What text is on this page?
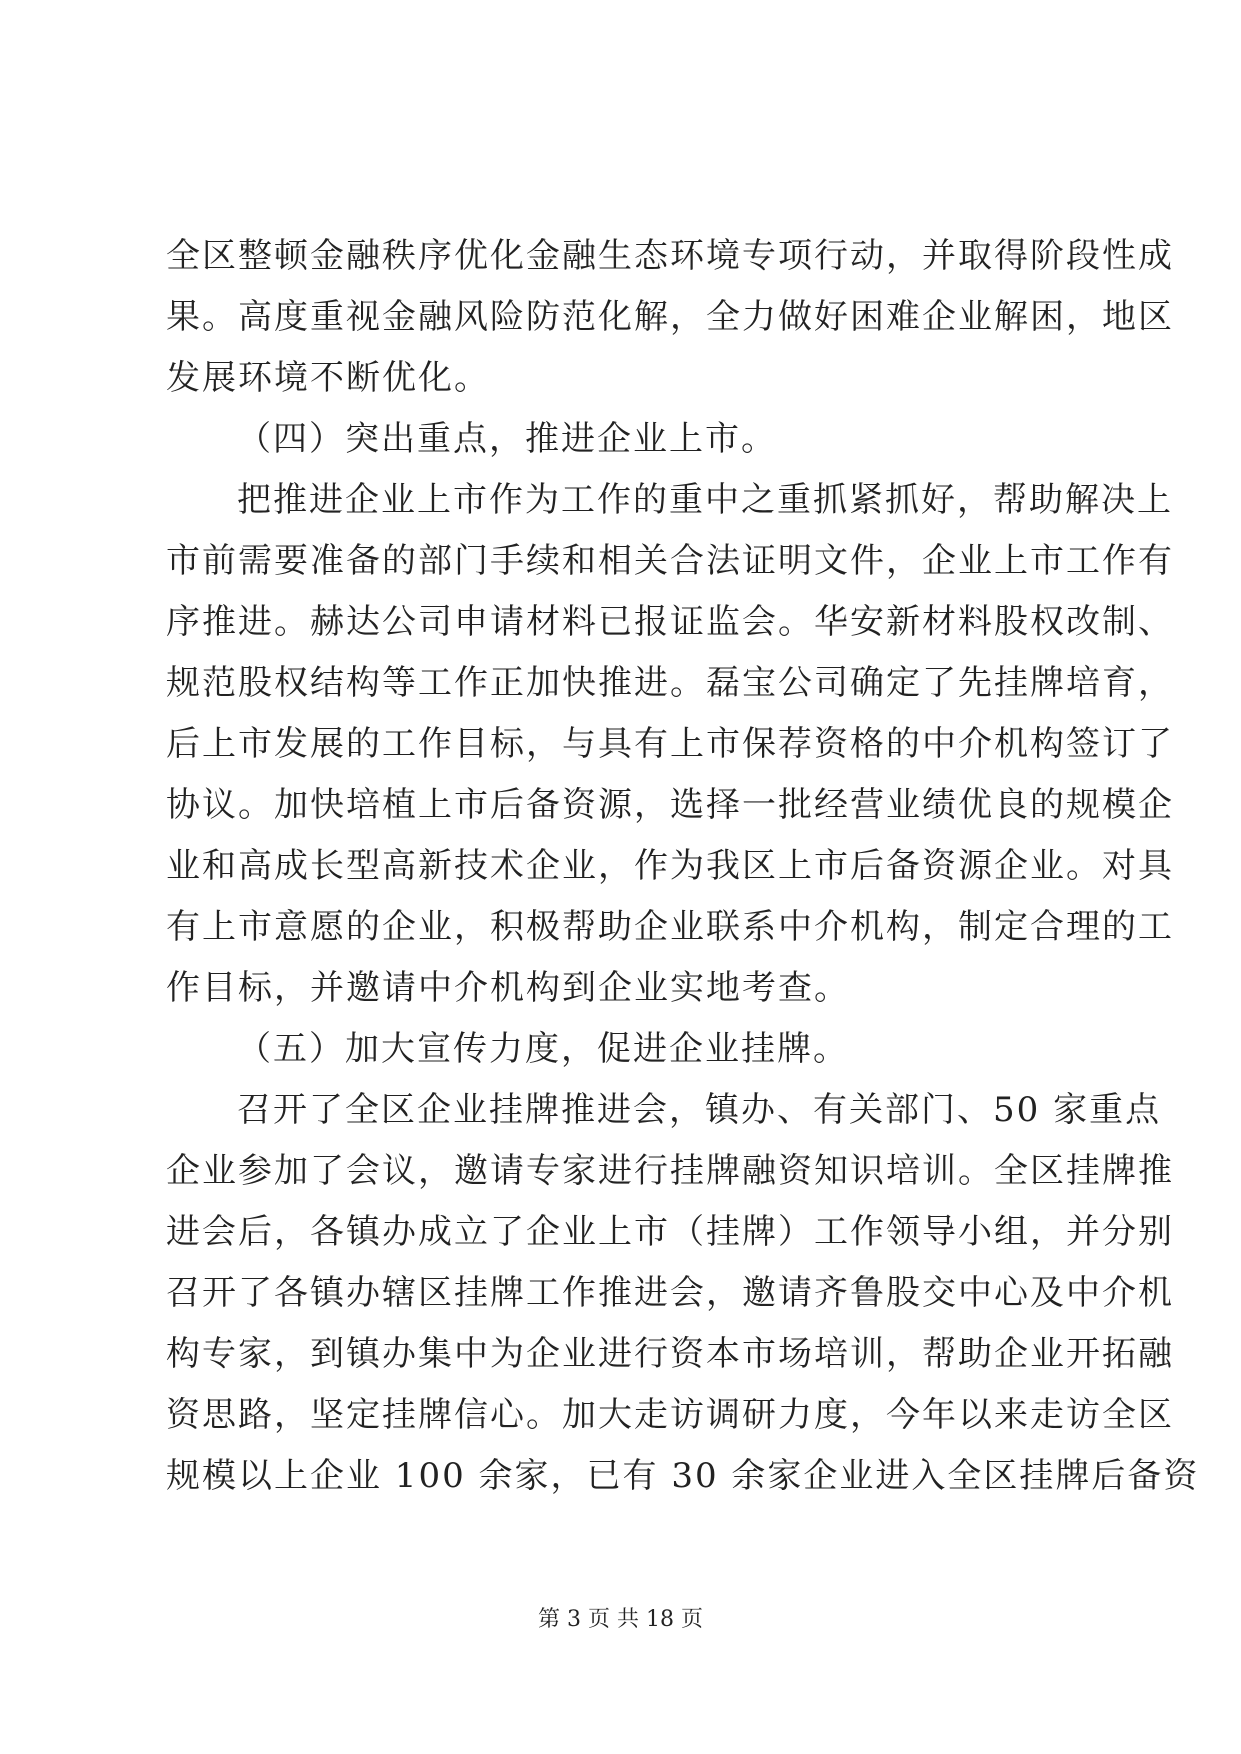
全区整顿金融秩序优化金融生态环境专项行动，并取得阶段性成
果。高度重视金融风险防范化解，全力做好困难企业解困，地区
发展环境不断优化。
（四）突出重点，推进企业上市。
把推进企业上市作为工作的重中之重抓紧抓好，帮助解决上
市前需要准备的部门手续和相关合法证明文件，企业上市工作有
序推进。赫达公司申请材料已报证监会。华安新材料股权改制、
规范股权结构等工作正加快推进。磊宝公司确定了先挂牌培育，
后上市发展的工作目标，与具有上市保荐资格的中介机构签订了
协议。加快培植上市后备资源，选择一批经营业绩优良的规模企
业和高成长型高新技术企业，作为我区上市后备资源企业。对具
有上市意愿的企业，积极帮助企业联系中介机构，制定合理的工
作目标，并邀请中介机构到企业实地考查。
（五）加大宣传力度，促进企业挂牌。
召开了全区企业挂牌推进会，镇办、有关部门、50 家重点
企业参加了会议，邀请专家进行挂牌融资知识培训。全区挂牌推
进会后，各镇办成立了企业上市（挂牌）工作领导小组，并分别
召开了各镇办辖区挂牌工作推进会，邀请齐鲁股交中心及中介机
构专家，到镇办集中为企业进行资本市场培训，帮助企业开拓融
资思路，坚定挂牌信心。加大走访调研力度，今年以来走访全区
规模以上企业 100 余家，已有 30 余家企业进入全区挂牌后备资
第 3 页 共 18 页
